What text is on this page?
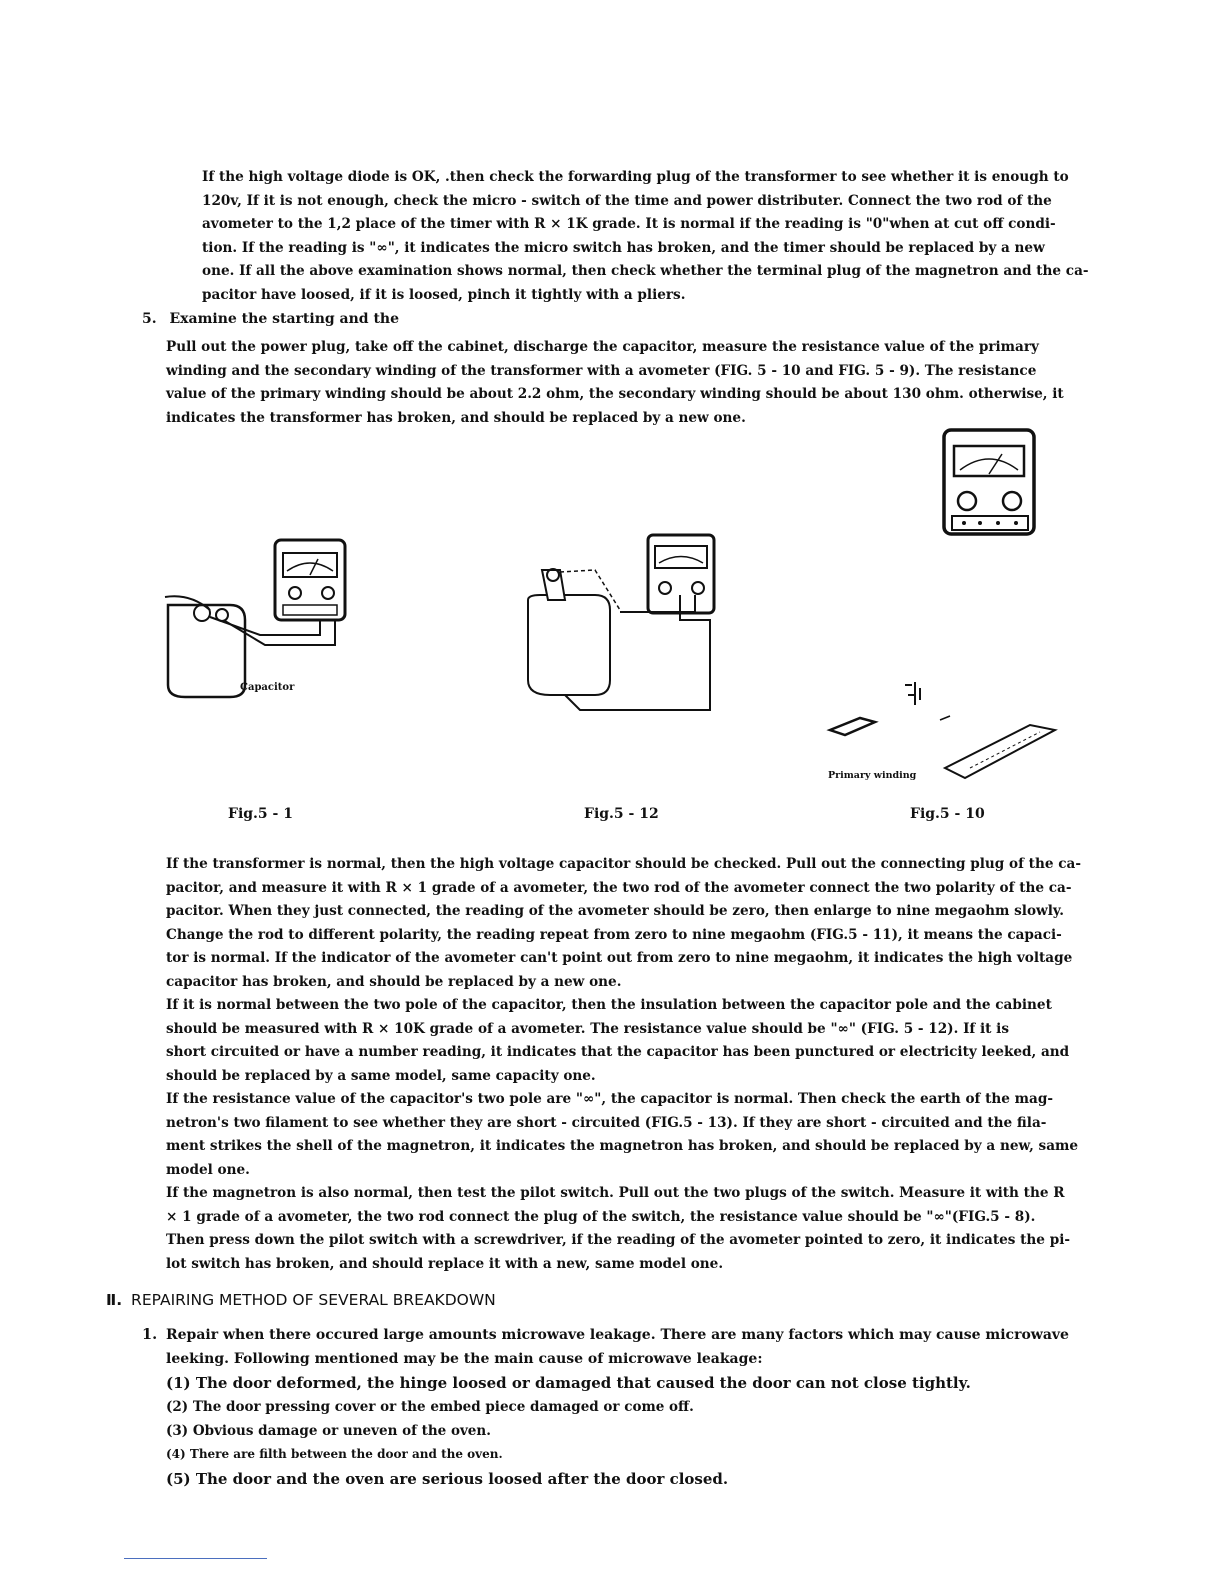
If the high voltage diode is OK, .then check the forwarding plug of the transformer to see whether it is enough to
120v, If it is not enough, check the micro - switch of the time and power distributer. Connect the two rod of the
avometer to the 1,2 place of the timer with R × 1K grade. It is normal if the reading is "0"when at cut off condi-
tion. If the reading is "∞", it indicates the micro switch has broken, and the timer should be replaced by a new
one. If all the above examination shows normal, then check whether the terminal plug of the magnetron and the ca-
pacitor have loosed, if it is loosed, pinch it tightly with a pliers.
5. Examine the starting and the
Pull out the power plug, take off the cabinet, discharge the capacitor, measure the resistance value of the primary
winding and the secondary winding of the transformer with a avometer (FIG. 5 - 10 and FIG. 5 - 9). The resistance
value of the primary winding should be about 2.2 ohm, the secondary winding should be about 130 ohm. otherwise, it
indicates the transformer has broken, and should be replaced by a new one.
Capacitor
Primary winding
Fig.5 - 1	Fig.5 - 12	Fig.5 - 10
If the transformer is normal, then the high voltage capacitor should be checked. Pull out the connecting plug of the ca-
pacitor, and measure it with R × 1 grade of a avometer, the two rod of the avometer connect the two polarity of the ca-
pacitor. When they just connected, the reading of the avometer should be zero, then enlarge to nine megaohm slowly.
Change the rod to different polarity, the reading repeat from zero to nine megaohm (FIG.5 - 11), it means the capaci-
tor is normal. If the indicator of the avometer can't point out from zero to nine megaohm, it indicates the high voltage
capacitor has broken, and should be replaced by a new one.
If it is normal between the two pole of the capacitor, then the insulation between the capacitor pole and the cabinet
should be measured with R × 10K grade of a avometer. The resistance value should be "∞" (FIG. 5 - 12). If it is
short circuited or have a number reading, it indicates that the capacitor has been punctured or electricity leeked, and
should be replaced by a same model, same capacity one.
If the resistance value of the capacitor's two pole are "∞", the capacitor is normal. Then check the earth of the mag-
netron's two filament to see whether they are short - circuited (FIG.5 - 13). If they are short - circuited and the fila-
ment strikes the shell of the magnetron, it indicates the magnetron has broken, and should be replaced by a new, same
model one.
If the magnetron is also normal, then test the pilot switch. Pull out the two plugs of the switch. Measure it with the R
× 1 grade of a avometer, the two rod connect the plug of the switch, the resistance value should be "∞"(FIG.5 - 8).
Then press down the pilot switch with a screwdriver, if the reading of the avometer pointed to zero, it indicates the pi-
lot switch has broken, and should replace it with a new, same model one.
Ⅱ. REPAIRING METHOD OF SEVERAL BREAKDOWN
1. Repair when there occured large amounts microwave leakage. There are many factors which may cause microwave
leeking. Following mentioned may be the main cause of microwave leakage:
(1) The door deformed, the hinge loosed or damaged that caused the door can not close tightly.
(2) The door pressing cover or the embed piece damaged or come off.
(3) Obvious damage or uneven of the oven.
(4) There are filth between the door and the oven.
(5) The door and the oven are serious loosed after the door closed.
